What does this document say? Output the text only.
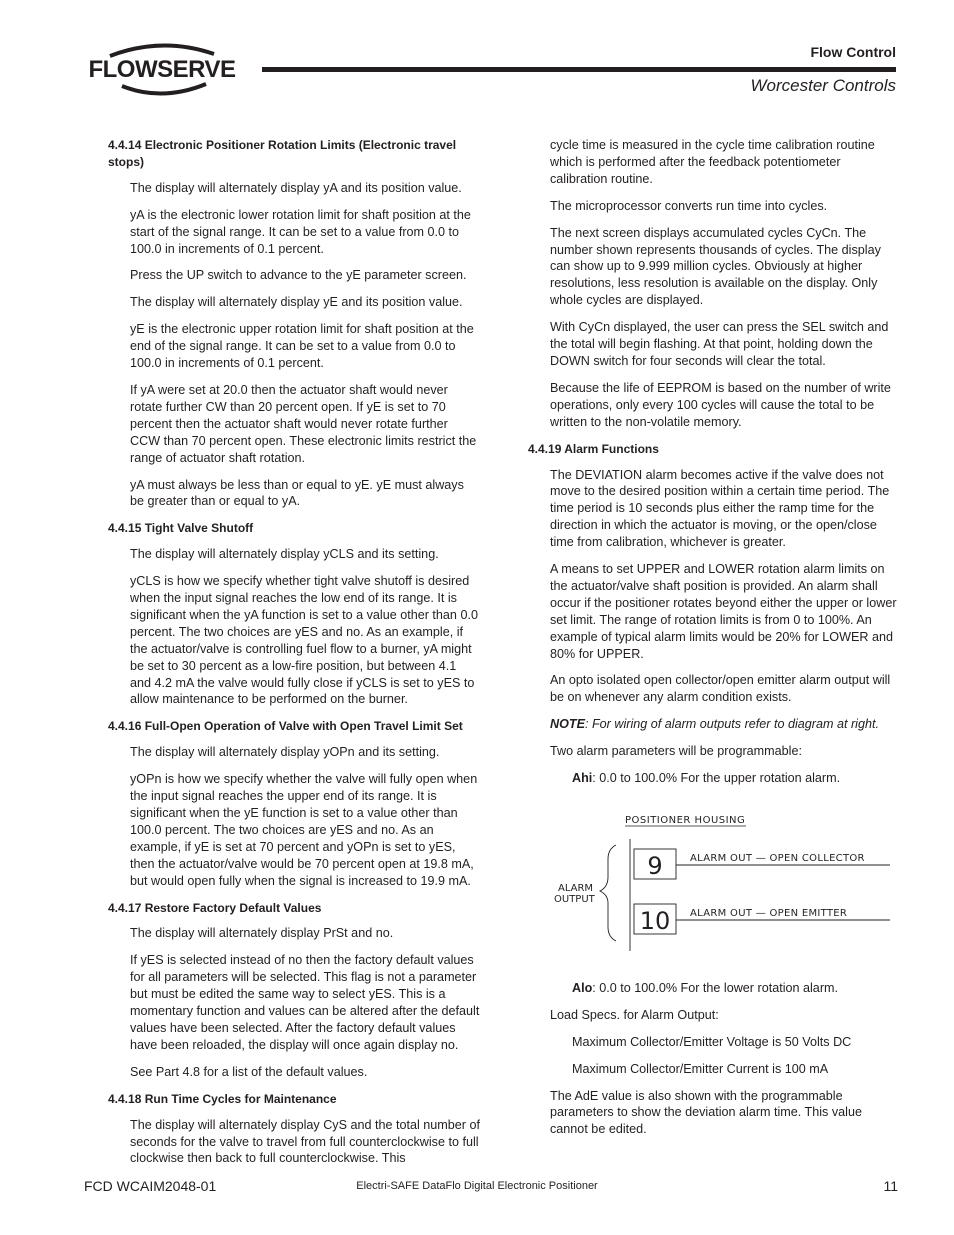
FLOWSERVE
Flow Control
Worcester Controls
4.4.14 Electronic Positioner Rotation Limits (Electronic travel stops)
The display will alternately display yA and its position value.
yA is the electronic lower rotation limit for shaft position at the start of the signal range. It can be set to a value from 0.0 to 100.0 in increments of 0.1 percent.
Press the UP switch to advance to the yE parameter screen.
The display will alternately display yE and its position value.
yE is the electronic upper rotation limit for shaft position at the end of the signal range. It can be set to a value from 0.0 to 100.0 in increments of 0.1 percent.
If yA were set at 20.0 then the actuator shaft would never rotate further CW than 20 percent open. If yE is set to 70 percent then the actuator shaft would never rotate further CCW than 70 percent open. These electronic limits restrict the range of actuator shaft rotation.
yA must always be less than or equal to yE. yE must always be greater than or equal to yA.
4.4.15 Tight Valve Shutoff
The display will alternately display yCLS and its setting.
yCLS is how we specify whether tight valve shutoff is desired when the input signal reaches the low end of its range. It is significant when the yA function is set to a value other than 0.0 percent. The two choices are yES and no. As an example, if the actuator/valve is controlling fuel flow to a burner, yA might be set to 30 percent as a low-fire position, but between 4.1 and 4.2 mA the valve would fully close if yCLS is set to yES to allow maintenance to be performed on the burner.
4.4.16 Full-Open Operation of Valve with Open Travel Limit Set
The display will alternately display yOPn and its setting.
yOPn is how we specify whether the valve will fully open when the input signal reaches the upper end of its range. It is significant when the yE function is set to a value other than 100.0 percent. The two choices are yES and no. As an example, if yE is set at 70 percent and yOPn is set to yES, then the actuator/valve would be 70 percent open at 19.8 mA, but would open fully when the signal is increased to 19.9 mA.
4.4.17 Restore Factory Default Values
The display will alternately display PrSt and no.
If yES is selected instead of no then the factory default values for all parameters will be selected. This flag is not a parameter but must be edited the same way to select yES. This is a momentary function and values can be altered after the default values have been selected. After the factory default values have been reloaded, the display will once again display no.
See Part 4.8 for a list of the default values.
4.4.18 Run Time Cycles for Maintenance
The display will alternately display CyS and the total number of seconds for the valve to travel from full counterclockwise to full clockwise then back to full counterclockwise. This
cycle time is measured in the cycle time calibration routine which is performed after the feedback potentiometer calibration routine.
The microprocessor converts run time into cycles.
The next screen displays accumulated cycles CyCn. The number shown represents thousands of cycles. The display can show up to 9.999 million cycles. Obviously at higher resolutions, less resolution is available on the display. Only whole cycles are displayed.
With CyCn displayed, the user can press the SEL switch and the total will begin flashing. At that point, holding down the DOWN switch for four seconds will clear the total.
Because the life of EEPROM is based on the number of write operations, only every 100 cycles will cause the total to be written to the non-volatile memory.
4.4.19 Alarm Functions
The DEVIATION alarm becomes active if the valve does not move to the desired position within a certain time period. The time period is 10 seconds plus either the ramp time for the direction in which the actuator is moving, or the open/close time from calibration, whichever is greater.
A means to set UPPER and LOWER rotation alarm limits on the actuator/valve shaft position is provided. An alarm shall occur if the positioner rotates beyond either the upper or lower set limit. The range of rotation limits is from 0 to 100%. An example of typical alarm limits would be 20% for LOWER and 80% for UPPER.
An opto isolated open collector/open emitter alarm output will be on whenever any alarm condition exists.
NOTE: For wiring of alarm outputs refer to diagram at right.
Two alarm parameters will be programmable:
Ahi: 0.0 to 100.0% For the upper rotation alarm.
POSITIONER HOUSING
ALARM
OUTPUT
9
10
ALARM OUT — OPEN COLLECTOR
ALARM OUT — OPEN EMITTER
Alo: 0.0 to 100.0% For the lower rotation alarm.
Load Specs. for Alarm Output:
Maximum Collector/Emitter Voltage is 50 Volts DC
Maximum Collector/Emitter Current is 100 mA
The AdE value is also shown with the programmable parameters to show the deviation alarm time. This value cannot be edited.
FCD WCAIM2048-01	Electri-SAFE DataFlo Digital Electronic Positioner	11
